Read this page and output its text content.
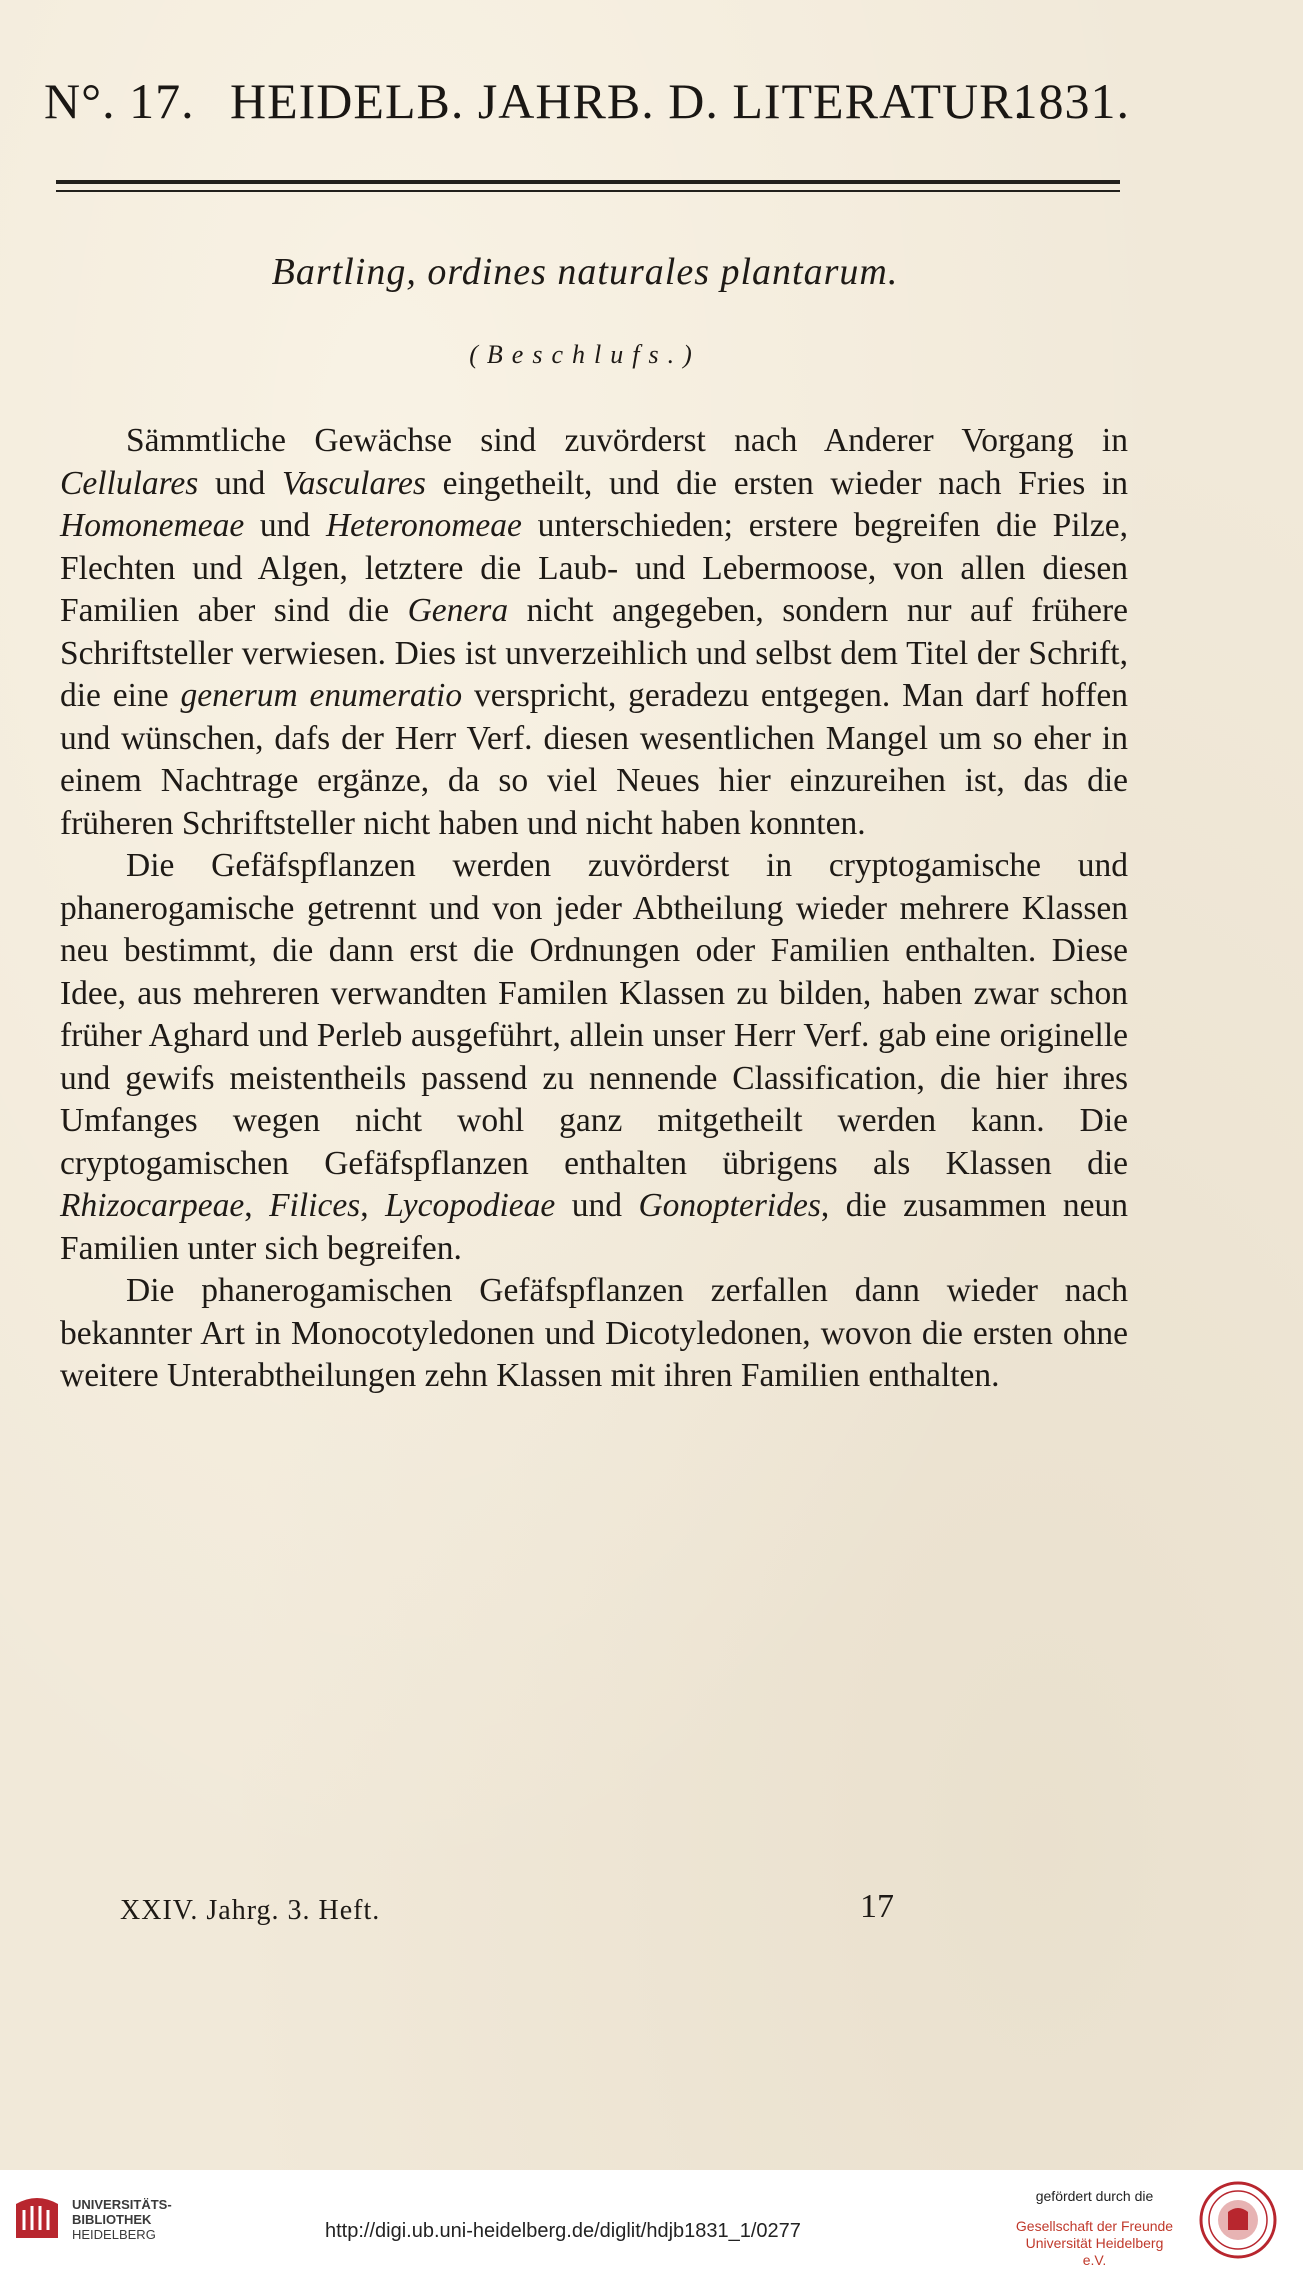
N°. 17. HEIDELB. JAHRB. D. LITERATUR.
1831.
Bartling, ordines naturales plantarum.
(Beschlufs.)

Sämmtliche Gewächse sind zuvörderst nach Anderer Vorgang in Cellulares und Vasculares eingetheilt, und die ersten wieder nach Fries in Homonemeae und Heteronomeae unterschieden; erstere begreifen die Pilze, Flechten und Algen, letztere die Laub- und Lebermoose, von allen diesen Familien aber sind die Genera nicht angegeben, sondern nur auf frühere Schriftsteller verwiesen. Dies ist unverzeihlich und selbst dem Titel der Schrift, die eine generum enumeratio verspricht, geradezu entgegen. Man darf hoffen und wünschen, dafs der Herr Verf. diesen wesentlichen Mangel um so eher in einem Nachtrage ergänze, da so viel Neues hier einzureihen ist, das die früheren Schriftsteller nicht haben und nicht haben konnten.

Die Gefäfspflanzen werden zuvörderst in cryptogamische und phanerogamische getrennt und von jeder Abtheilung wieder mehrere Klassen neu bestimmt, die dann erst die Ordnungen oder Familien enthalten. Diese Idee, aus mehreren verwandten Familen Klassen zu bilden, haben zwar schon früher Aghard und Perleb ausgeführt, allein unser Herr Verf. gab eine originelle und gewifs meistentheils passend zu nennende Classification, die hier ihres Umfanges wegen nicht wohl ganz mitgetheilt werden kann. Die cryptogamischen Gefäfspflanzen enthalten übrigens als Klassen die Rhizocarpeae, Filices, Lycopodieae und Gonopterides, die zusammen neun Familien unter sich begreifen.

Die phanerogamischen Gefäfspflanzen zerfallen dann wieder nach bekannter Art in Monocotyledonen und Dicotyledonen, wovon die ersten ohne weitere Unterabtheilungen zehn Klassen mit ihren Familien enthalten.

XXIV. Jahrg. 3. Heft.	17
UNIVERSITÄTS-
BIBLIOTHEK
HEIDELBERG	http://digi.ub.uni-heidelberg.de/diglit/hdjb1831_1/0277
gefördert durch die
Gesellschaft der Freunde
Universität Heidelberg e.V.
